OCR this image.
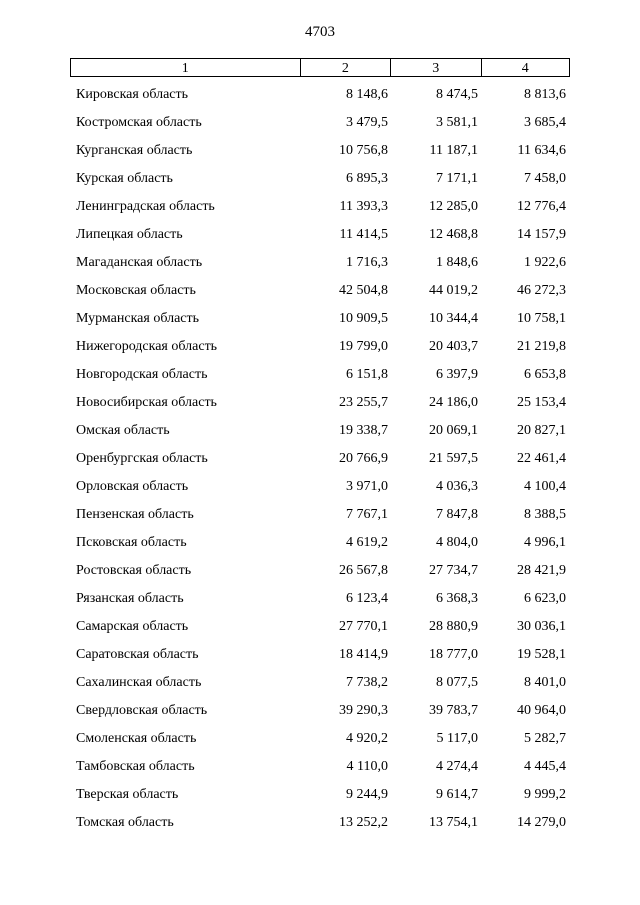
4703
1	2	3	4
Кировская область	8 148,6	8 474,5	8 813,6
Костромская область	3 479,5	3 581,1	3 685,4
Курганская область	10 756,8	11 187,1	11 634,6
Курская область	6 895,3	7 171,1	7 458,0
Ленинградская область	11 393,3	12 285,0	12 776,4
Липецкая область	11 414,5	12 468,8	14 157,9
Магаданская область	1 716,3	1 848,6	1 922,6
Московская область	42 504,8	44 019,2	46 272,3
Мурманская область	10 909,5	10 344,4	10 758,1
Нижегородская область	19 799,0	20 403,7	21 219,8
Новгородская область	6 151,8	6 397,9	6 653,8
Новосибирская область	23 255,7	24 186,0	25 153,4
Омская область	19 338,7	20 069,1	20 827,1
Оренбургская область	20 766,9	21 597,5	22 461,4
Орловская область	3 971,0	4 036,3	4 100,4
Пензенская область	7 767,1	7 847,8	8 388,5
Псковская область	4 619,2	4 804,0	4 996,1
Ростовская область	26 567,8	27 734,7	28 421,9
Рязанская область	6 123,4	6 368,3	6 623,0
Самарская область	27 770,1	28 880,9	30 036,1
Саратовская область	18 414,9	18 777,0	19 528,1
Сахалинская область	7 738,2	8 077,5	8 401,0
Свердловская область	39 290,3	39 783,7	40 964,0
Смоленская область	4 920,2	5 117,0	5 282,7
Тамбовская область	4 110,0	4 274,4	4 445,4
Тверская область	9 244,9	9 614,7	9 999,2
Томская область	13 252,2	13 754,1	14 279,0
